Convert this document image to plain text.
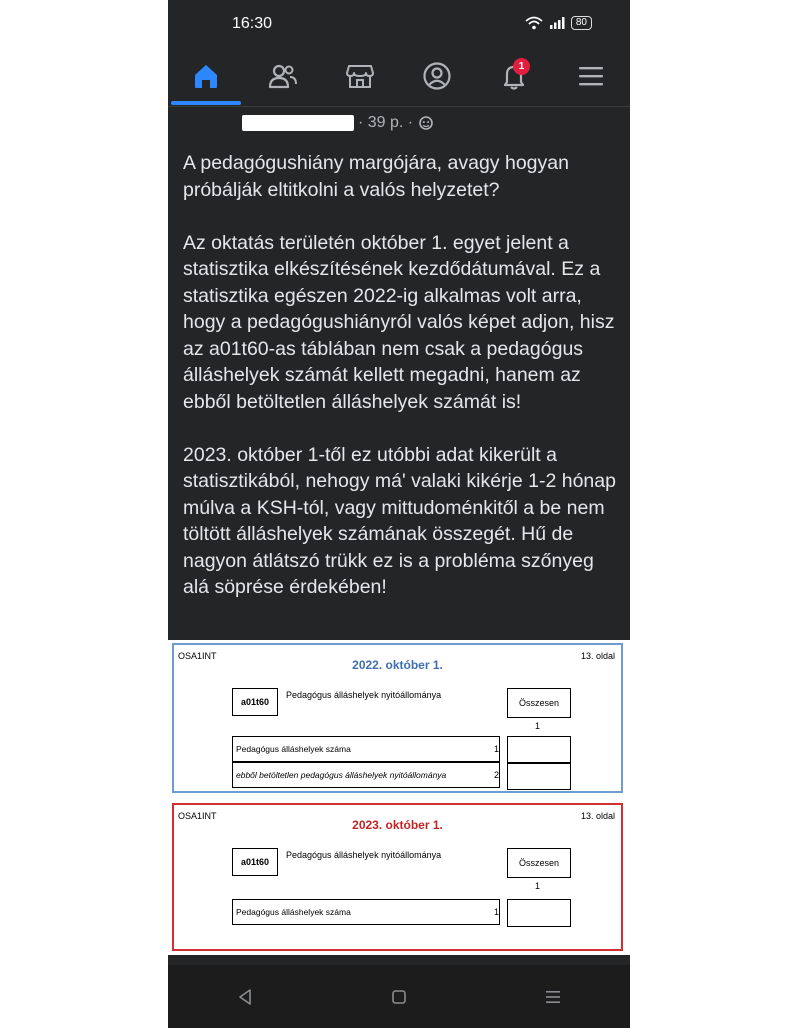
16:30	80
1
· 39 p. ·

A pedagógushiány margójára, avagy hogyan próbálják eltitkolni a valós helyzetet?

Az oktatás területén október 1. egyet jelent a statisztika elkészítésének kezdődátumával. Ez a statisztika egészen 2022-ig alkalmas volt arra, hogy a pedagógushiányról valós képet adjon, hisz az a01t60-as táblában nem csak a pedagógus álláshelyek számát kellett megadni, hanem az ebből betöltetlen álláshelyek számát is!

2023. október 1-től ez utóbbi adat kikerült a statisztikából, nehogy má' valaki kikérje 1-2 hónap múlva a KSH-tól, vagy mittudoménkitől a be nem töltött álláshelyek számának összegét. Hű de nagyon átlátszó trükk ez is a probléma szőnyeg alá söprése érdekében!

OSA1INT	13. oldal
2022. október 1.
a01t60
Pedagógus álláshelyek nyitóállománya
Összesen
1
Pedagógus álláshelyek száma	1
ebből betöltetlen pedagógus álláshelyek nyitóállománya	2
OSA1INT	13. oldal
2023. október 1.
a01t60
Pedagógus álláshelyek nyitóállománya
Összesen
1
Pedagógus álláshelyek száma	1
